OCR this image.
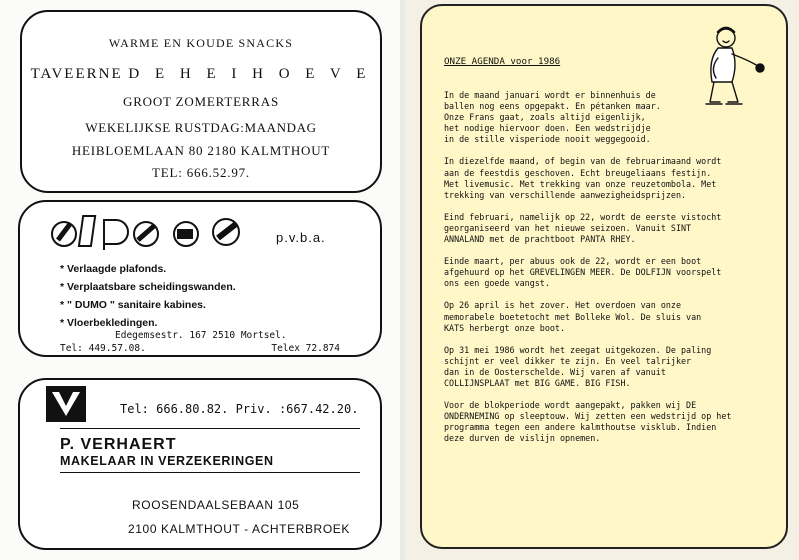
WARME EN KOUDE SNACKS
TAVEERNE D E H E I H O E V E
GROOT ZOMERTERRAS
WEKELIJKSE RUSTDAG:MAANDAG
HEIBLOEMLAAN 80 2180 KALMTHOUT
TEL: 666.52.97.
p.v.b.a.
* Verlaagde plafonds.
* Verplaatsbare scheidingswanden.
* " DUMO " sanitaire kabines.
* Vloerbekledingen.
Edegemsestr. 167 2510 Mortsel.
Tel: 449.57.08.	Telex 72.874
Tel: 666.80.82. Priv. :667.42.20.
P. VERHAERT
MAKELAAR IN VERZEKERINGEN
ROOSENDAALSEBAAN 105
2100 KALMTHOUT - ACHTERBROEK
ONZE AGENDA voor 1986

In de maand januari wordt er binnenhuis de
ballen nog eens opgepakt. En pétanken maar.
Onze Frans gaat, zoals altijd eigenlijk,
het nodige hiervoor doen. Een wedstrijdje
in de stille visperiode nooit weggegooid.

In diezelfde maand, of begin van de februarimaand wordt
aan de feestdis geschoven. Echt breugeliaans festijn.
Met livemusic. Met trekking van onze reuzetombola. Met
trekking van verschillende aanwezigheidsprijzen.

Eind februari, namelijk op 22, wordt de eerste vistocht
georganiseerd van het nieuwe seizoen. Vanuit SINT
ANNALAND met de prachtboot PANTA RHEY.

Einde maart, per abuus ook de 22, wordt er een boot
afgehuurd op het GREVELINGEN MEER. De DOLFIJN voorspelt
ons een goede vangst.

Op 26 april is het zover. Het overdoen van onze
memorabele boetetocht met Bolleke Wol. De sluis van
KATS herbergt onze boot.

Op 31 mei 1986 wordt het zeegat uitgekozen. De paling
schijnt er veel dikker te zijn. En veel talrijker
dan in de Oosterschelde. Wij varen af vanuit
COLLIJNSPLAAT met BIG GAME. BIG FISH.

Voor de blokperiode wordt aangepakt, pakken wij DE
ONDERNEMING op sleeptouw. Wij zetten een wedstrijd op het
programma tegen een andere kalmthoutse visklub. Indien
deze durven de vislijn opnemen.
